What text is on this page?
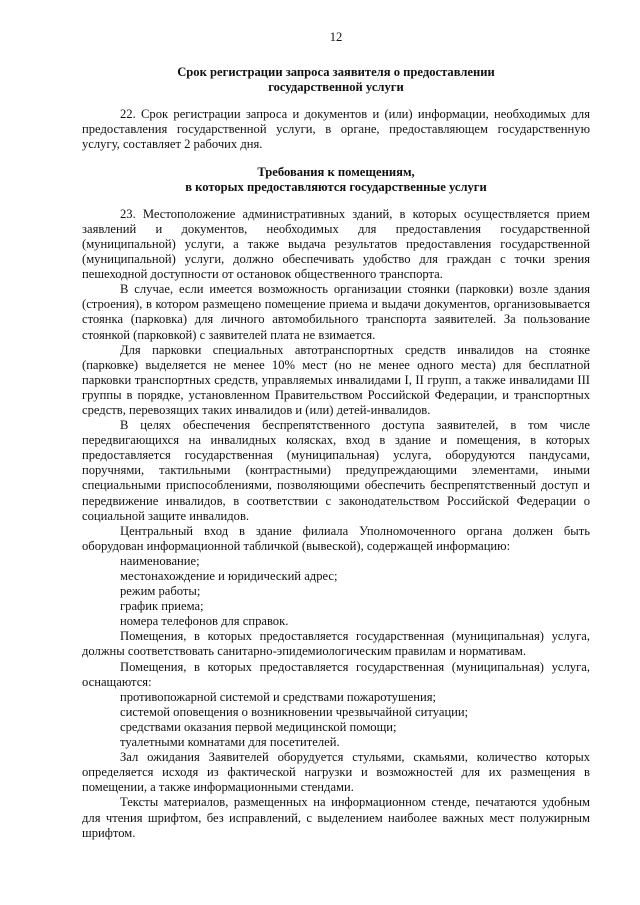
12

Срок регистрации запроса заявителя о предоставлении

государственной услуги

22. Срок регистрации запроса и документов и (или) информации, необходимых для предоставления государственной услуги, в органе, предоставляющем государственную услугу, составляет 2 рабочих дня.

Требования к помещениям,

в которых предоставляются государственные услуги

23. Местоположение административных зданий, в которых осуществляется прием заявлений и документов, необходимых для предоставления государственной (муниципальной) услуги, а также выдача результатов предоставления государственной (муниципальной) услуги, должно обеспечивать удобство для граждан с точки зрения пешеходной доступности от остановок общественного транспорта.

В случае, если имеется возможность организации стоянки (парковки) возле здания (строения), в котором размещено помещение приема и выдачи документов, организовывается стоянка (парковка) для личного автомобильного транспорта заявителей. За пользование стоянкой (парковкой) с заявителей плата не взимается.

Для парковки специальных автотранспортных средств инвалидов на стоянке (парковке) выделяется не менее 10% мест (но не менее одного места) для бесплатной парковки транспортных средств, управляемых инвалидами I, II групп, а также инвалидами III группы в порядке, установленном Правительством Российской Федерации, и транспортных средств, перевозящих таких инвалидов и (или) детей-инвалидов.

В целях обеспечения беспрепятственного доступа заявителей, в том числе передвигающихся на инвалидных колясках, вход в здание и помещения, в которых предоставляется государственная (муниципальная) услуга, оборудуются пандусами, поручнями, тактильными (контрастными) предупреждающими элементами, иными специальными приспособлениями, позволяющими обеспечить беспрепятственный доступ и передвижение инвалидов, в соответствии с законодательством Российской Федерации о социальной защите инвалидов.

Центральный вход в здание филиала Уполномоченного органа должен быть оборудован информационной табличкой (вывеской), содержащей информацию:

наименование;

местонахождение и юридический адрес;

режим работы;

график приема;

номера телефонов для справок.

Помещения, в которых предоставляется государственная (муниципальная) услуга, должны соответствовать санитарно-эпидемиологическим правилам и нормативам.

Помещения, в которых предоставляется государственная (муниципальная) услуга, оснащаются:

противопожарной системой и средствами пожаротушения;

системой оповещения о возникновении чрезвычайной ситуации;

средствами оказания первой медицинской помощи;

туалетными комнатами для посетителей.

Зал ожидания Заявителей оборудуется стульями, скамьями, количество которых определяется исходя из фактической нагрузки и возможностей для их размещения в помещении, а также информационными стендами.

Тексты материалов, размещенных на информационном стенде, печатаются удобным для чтения шрифтом, без исправлений, с выделением наиболее важных мест полужирным шрифтом.
